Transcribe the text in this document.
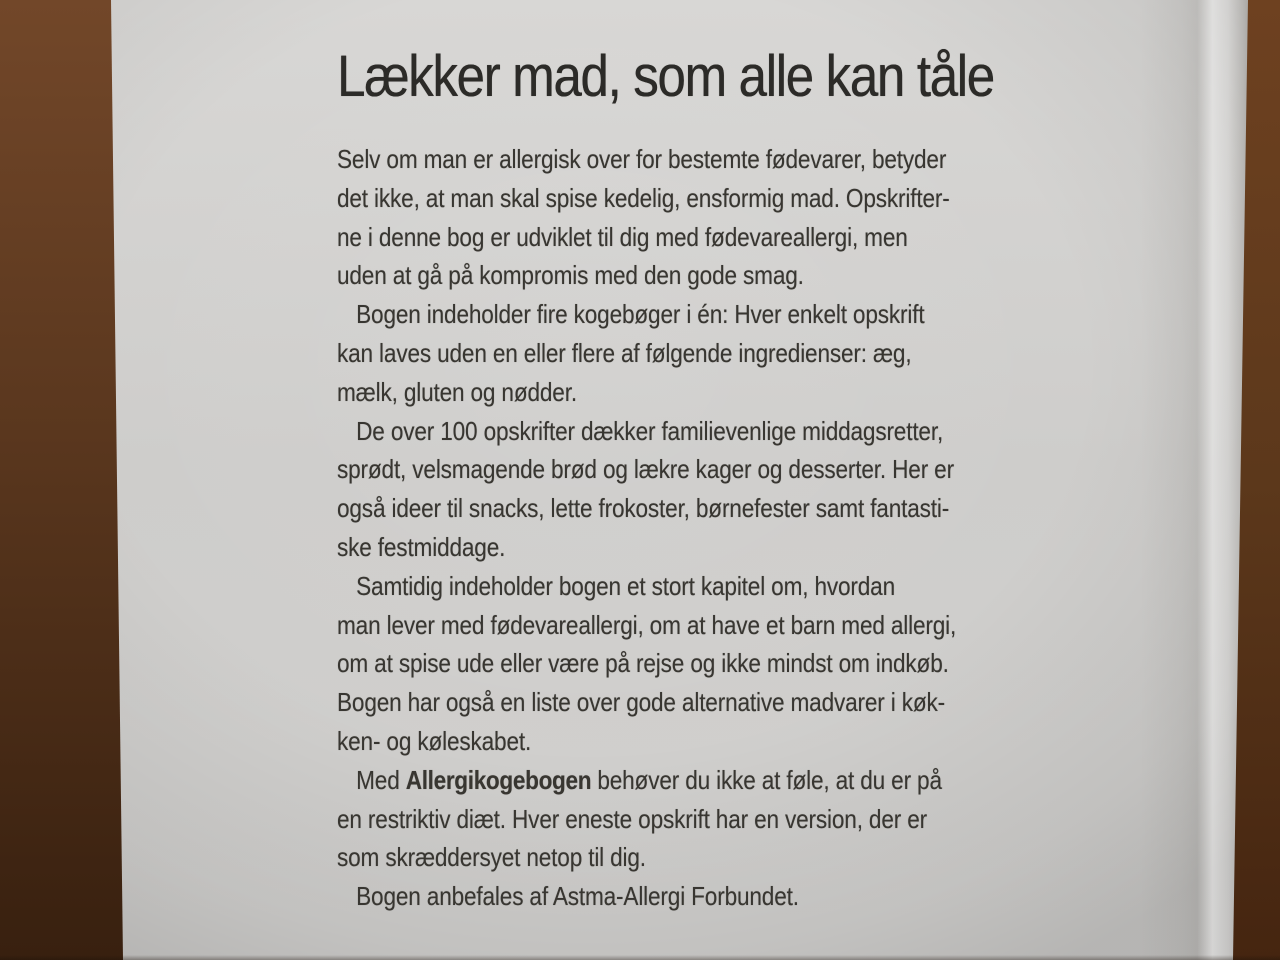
Lækker mad, som alle kan tåle
Selv om man er allergisk over for bestemte fødevarer, betyder
det ikke, at man skal spise kedelig, ensformig mad. Opskrifter-
ne i denne bog er udviklet til dig med fødevareallergi, men
uden at gå på kompromis med den gode smag.
Bogen indeholder fire kogebøger i én: Hver enkelt opskrift
kan laves uden en eller flere af følgende ingredienser: æg,
mælk, gluten og nødder.
De over 100 opskrifter dækker familievenlige middagsretter,
sprødt, velsmagende brød og lækre kager og desserter. Her er
også ideer til snacks, lette frokoster, børnefester samt fantasti-
ske festmiddage.
Samtidig indeholder bogen et stort kapitel om, hvordan
man lever med fødevareallergi, om at have et barn med allergi,
om at spise ude eller være på rejse og ikke mindst om indkøb.
Bogen har også en liste over gode alternative madvarer i køk-
ken- og køleskabet.
Med Allergikogebogen behøver du ikke at føle, at du er på
en restriktiv diæt. Hver eneste opskrift har en version, der er
som skræddersyet netop til dig.
Bogen anbefales af Astma-Allergi Forbundet.
